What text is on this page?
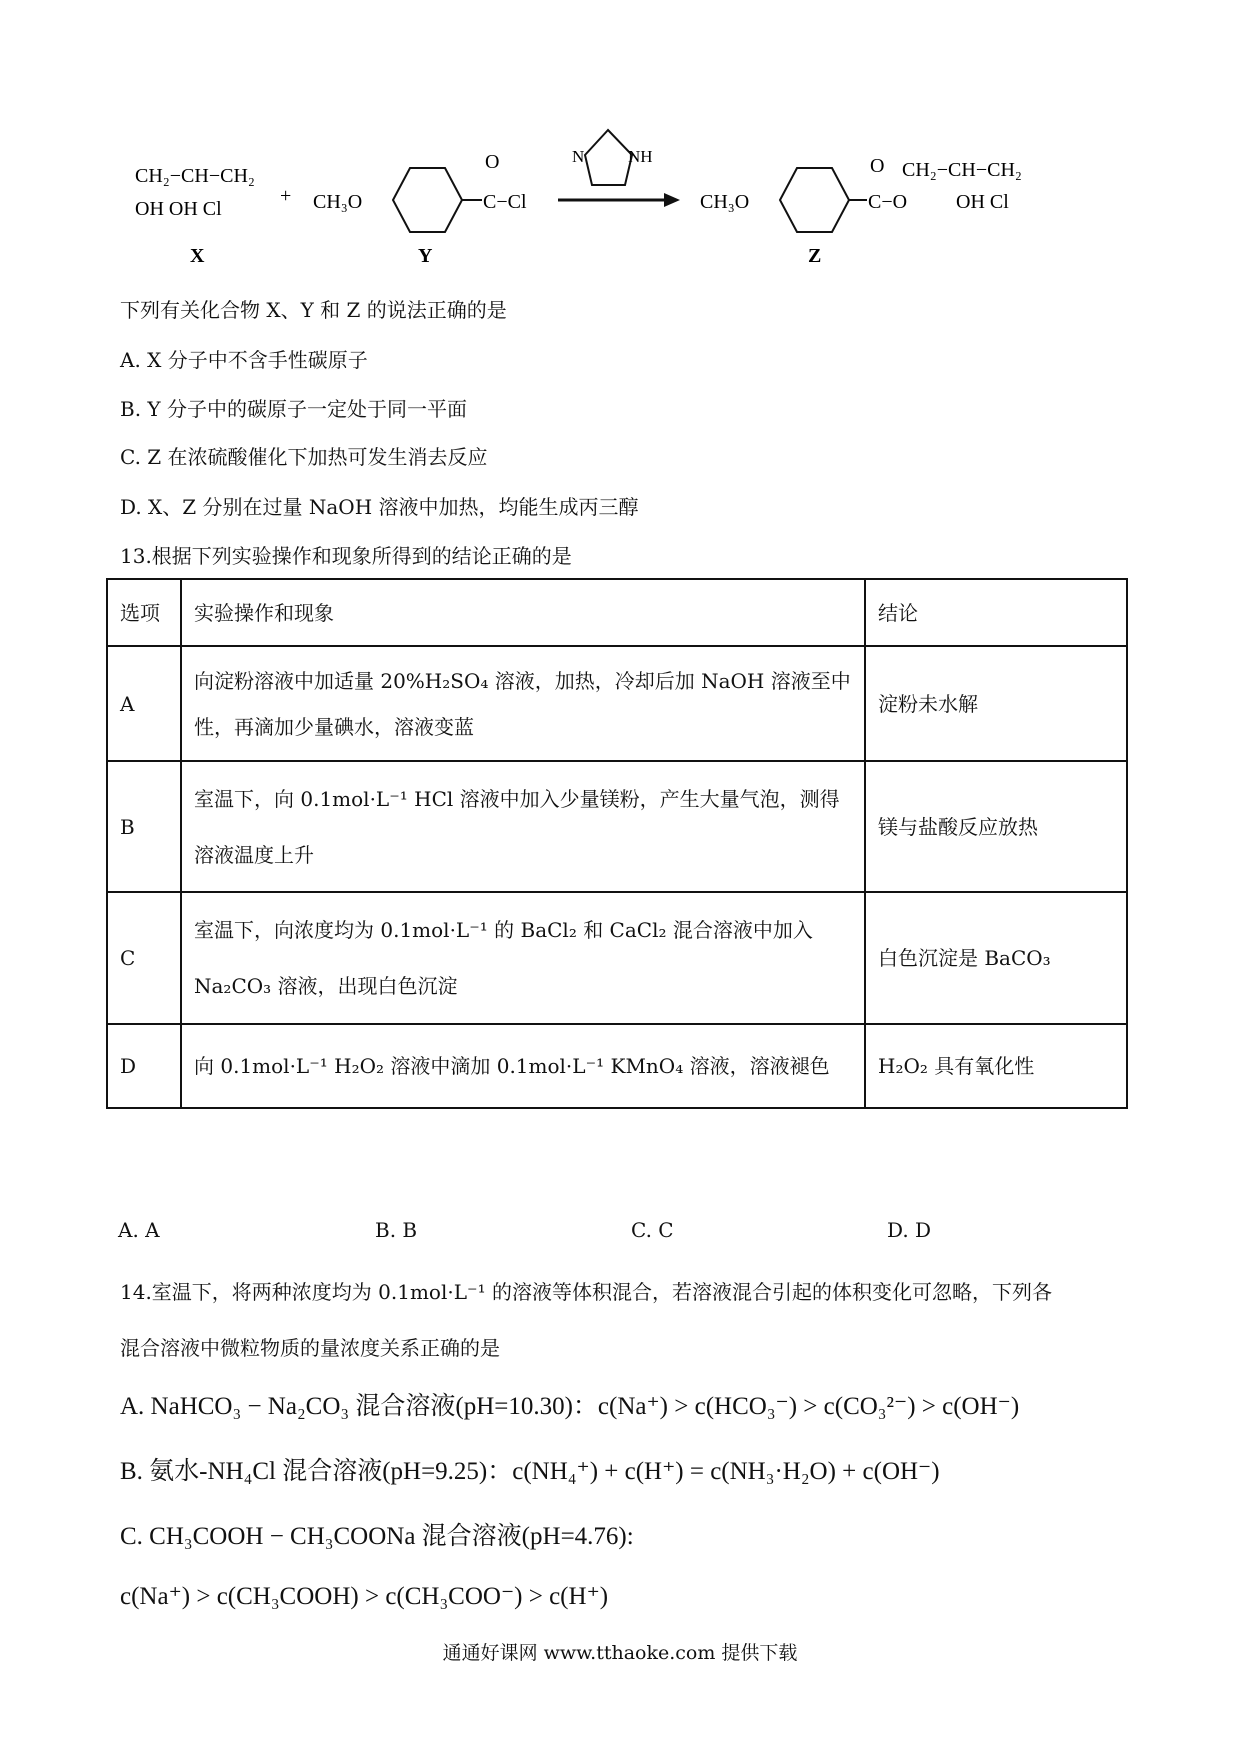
CH₂−CH−CH₂
OH OH Cl
+ CH₃O	C−Cl
O	N	NH
CH₃O	C−O
O CH₂−CH−CH₂
OH Cl
X	Y	Z
下列有关化合物 X、Y 和 Z 的说法正确的是
A. X 分子中不含手性碳原子
B. Y 分子中的碳原子一定处于同一平面
C. Z 在浓硫酸催化下加热可发生消去反应
D. X、Z 分别在过量 NaOH 溶液中加热，均能生成丙三醇
13.根据下列实验操作和现象所得到的结论正确的是
选项	实验操作和现象	结论
A	向淀粉溶液中加适量 20%H₂SO₄ 溶液，加热，冷却后加 NaOH 溶液至中性，再滴加少量碘水，溶液变蓝	淀粉未水解
B	室温下，向 0.1mol·L⁻¹ HCl 溶液中加入少量镁粉，产生大量气泡，测得溶液温度上升	镁与盐酸反应放热
C	室温下，向浓度均为 0.1mol·L⁻¹ 的 BaCl₂ 和 CaCl₂ 混合溶液中加入 Na₂CO₃ 溶液，出现白色沉淀	白色沉淀是 BaCO₃
D	向 0.1mol·L⁻¹ H₂O₂ 溶液中滴加 0.1mol·L⁻¹ KMnO₄ 溶液，溶液褪色	H₂O₂ 具有氧化性
A. A	B. B	C. C	D. D
14.室温下，将两种浓度均为 0.1mol·L⁻¹ 的溶液等体积混合，若溶液混合引起的体积变化可忽略，下列各
混合溶液中微粒物质的量浓度关系正确的是
A. NaHCO₃ − Na₂CO₃ 混合溶液(pH=10.30)：c(Na⁺) > c(HCO₃⁻) > c(CO₃²⁻) > c(OH⁻)
B. 氨水-NH₄Cl 混合溶液(pH=9.25)：c(NH₄⁺) + c(H⁺) = c(NH₃·H₂O) + c(OH⁻)
C. CH₃COOH − CH₃COONa 混合溶液(pH=4.76):
c(Na⁺) > c(CH₃COOH) > c(CH₃COO⁻) > c(H⁺)
通通好课网 www.tthaoke.com 提供下载
